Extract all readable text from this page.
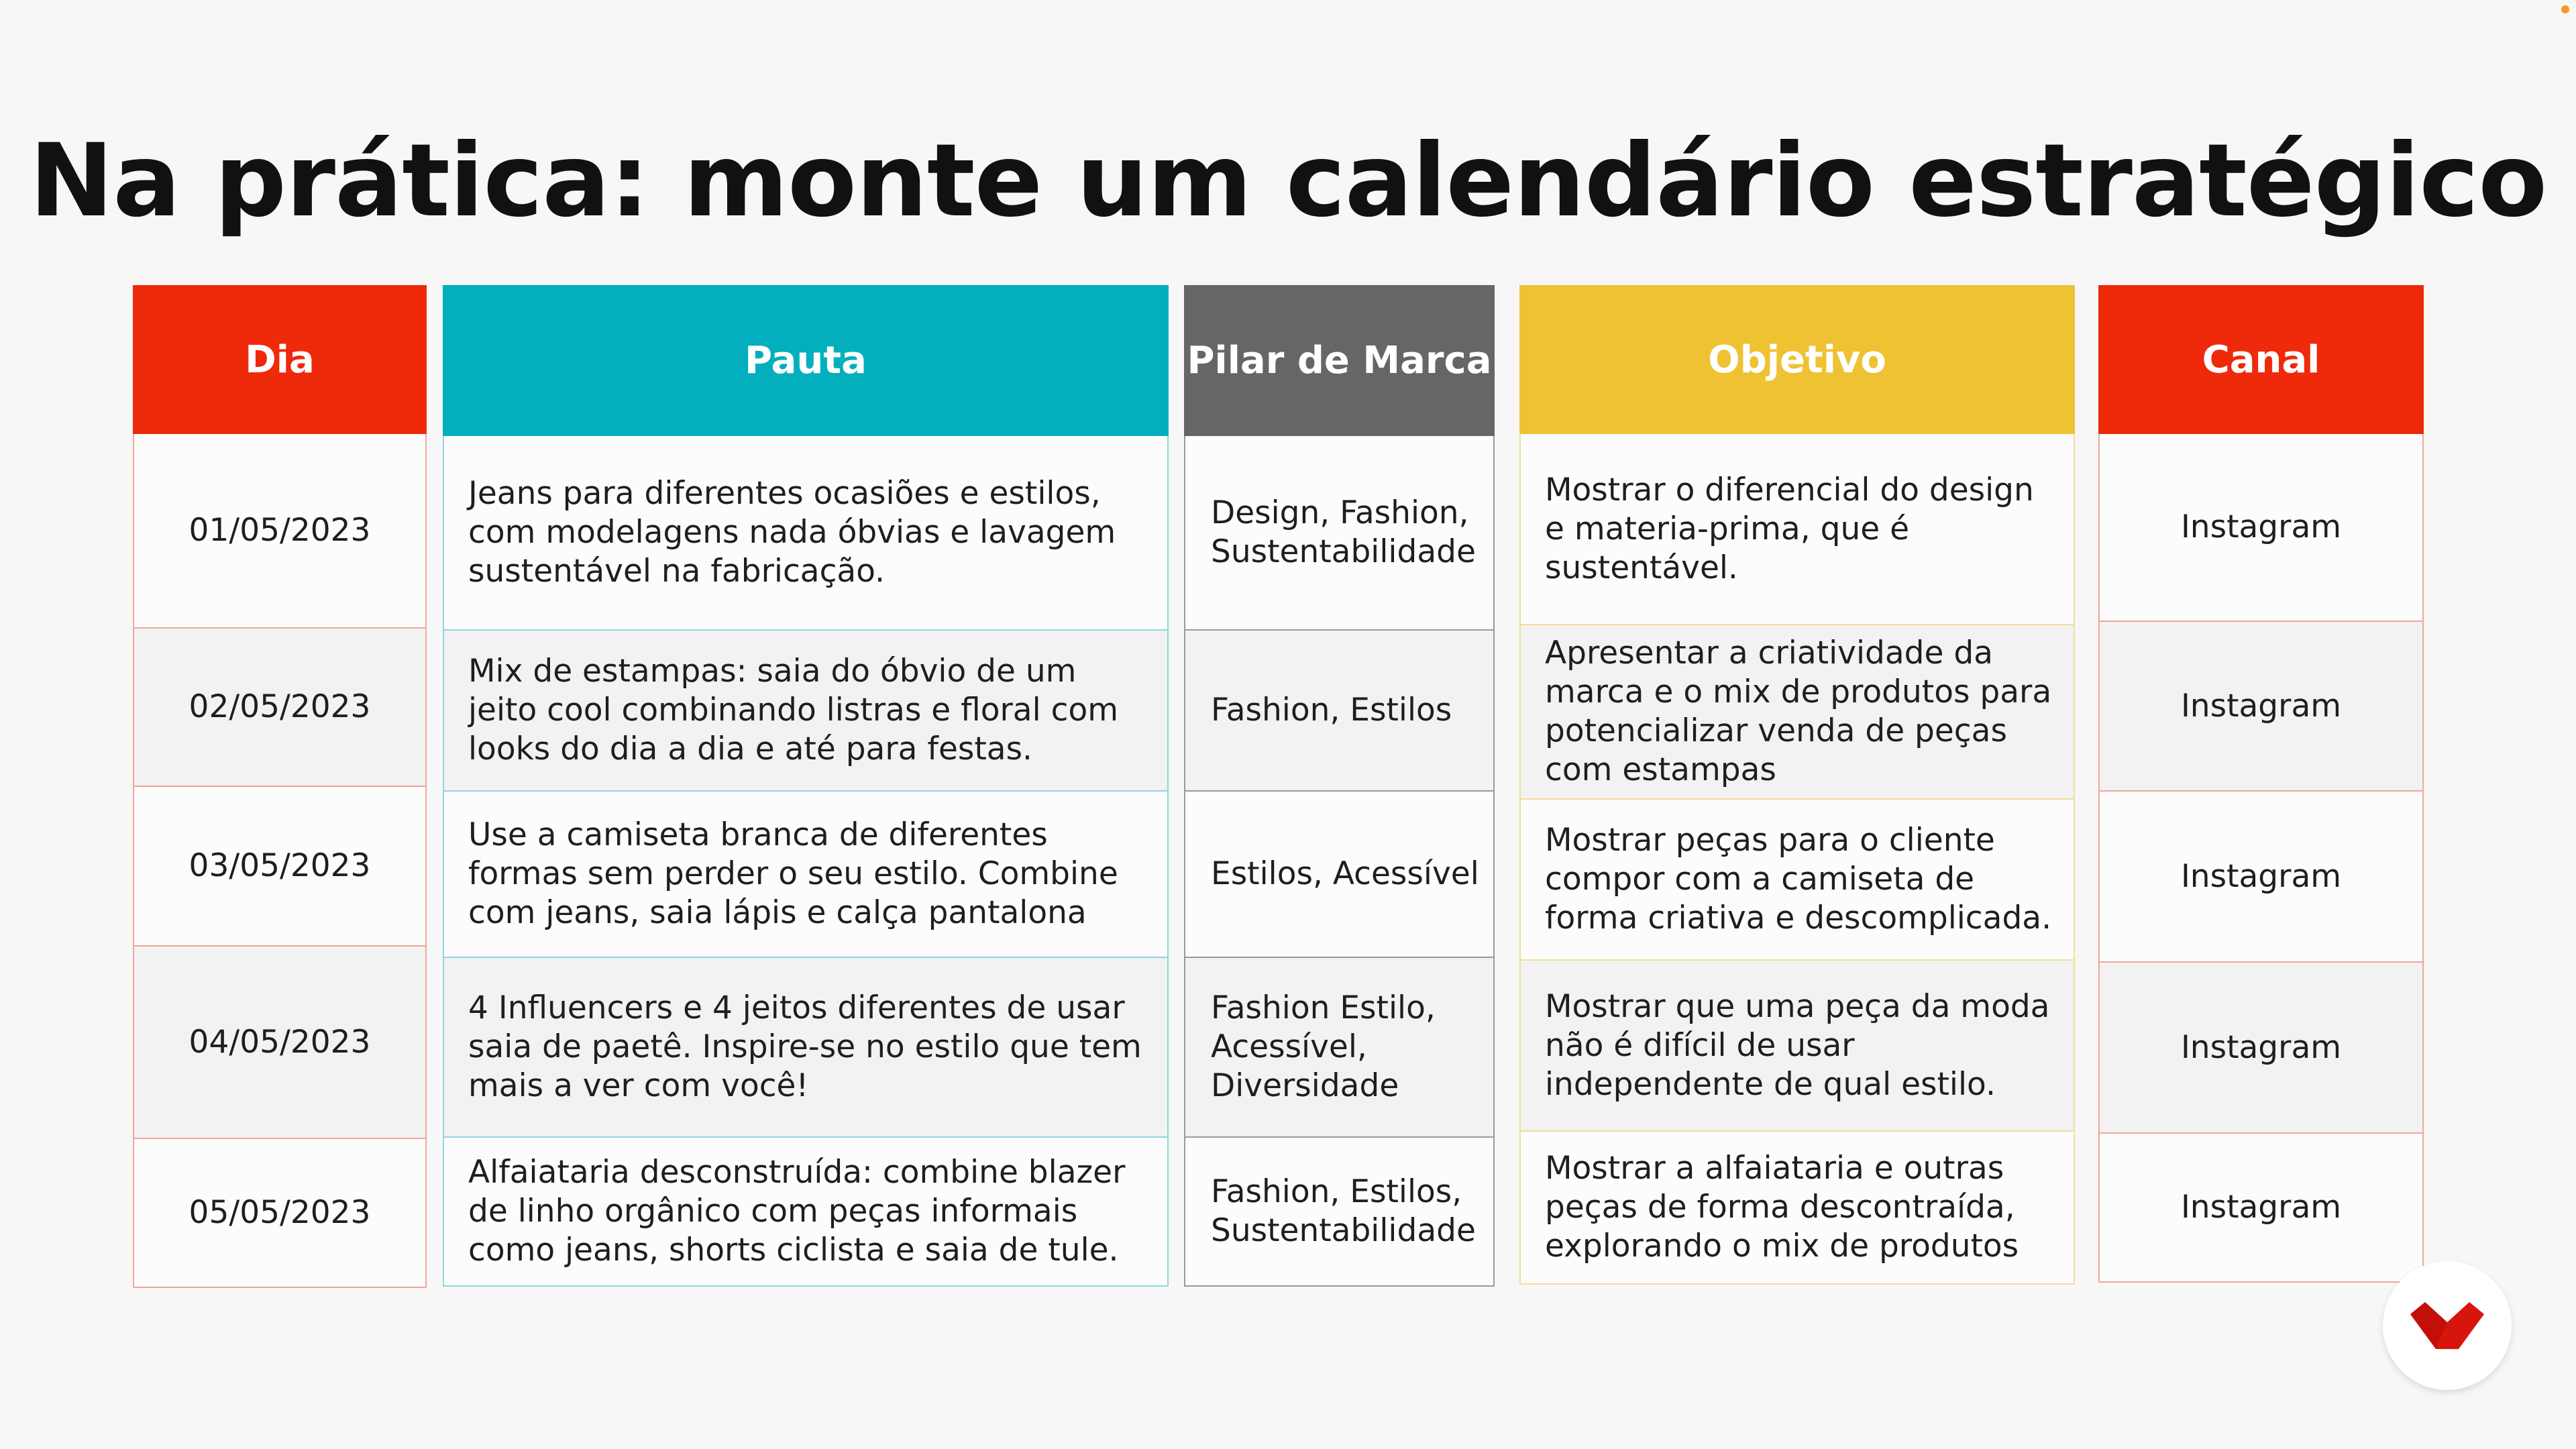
Na prática: monte um calendário estratégico
Dia
01/05/2023
02/05/2023
03/05/2023
04/05/2023
05/05/2023
Pauta
Jeans para diferentes ocasiões e estilos, com modelagens nada óbvias e lavagem sustentável na fabricação.
Mix de estampas: saia do óbvio de um jeito cool combinando listras e floral com looks do dia a dia e até para festas.
Use a camiseta branca de diferentes formas sem perder o seu estilo. Combine com jeans, saia lápis e calça pantalona
4 Influencers e 4 jeitos diferentes de usar saia de paetê. Inspire-se no estilo que tem mais a ver com você!
Alfaiataria desconstruída: combine blazer de linho orgânico com peças informais como jeans, shorts ciclista e saia de tule.
Pilar de Marca
Design, Fashion, Sustentabilidade
Fashion, Estilos
Estilos, Acessível
Fashion Estilo, Acessível, Diversidade
Fashion, Estilos, Sustentabilidade
Objetivo
Mostrar o diferencial do design e materia-prima, que é sustentável.
Apresentar a criatividade da marca e o mix de produtos para potencializar venda de peças com estampas
Mostrar peças para o cliente compor com a camiseta de forma criativa e descomplicada.
Mostrar que uma peça da moda não é difícil de usar independente de qual estilo.
Mostrar a alfaiataria e outras peças de forma descontraída, explorando o mix de produtos
Canal
Instagram
Instagram
Instagram
Instagram
Instagram
